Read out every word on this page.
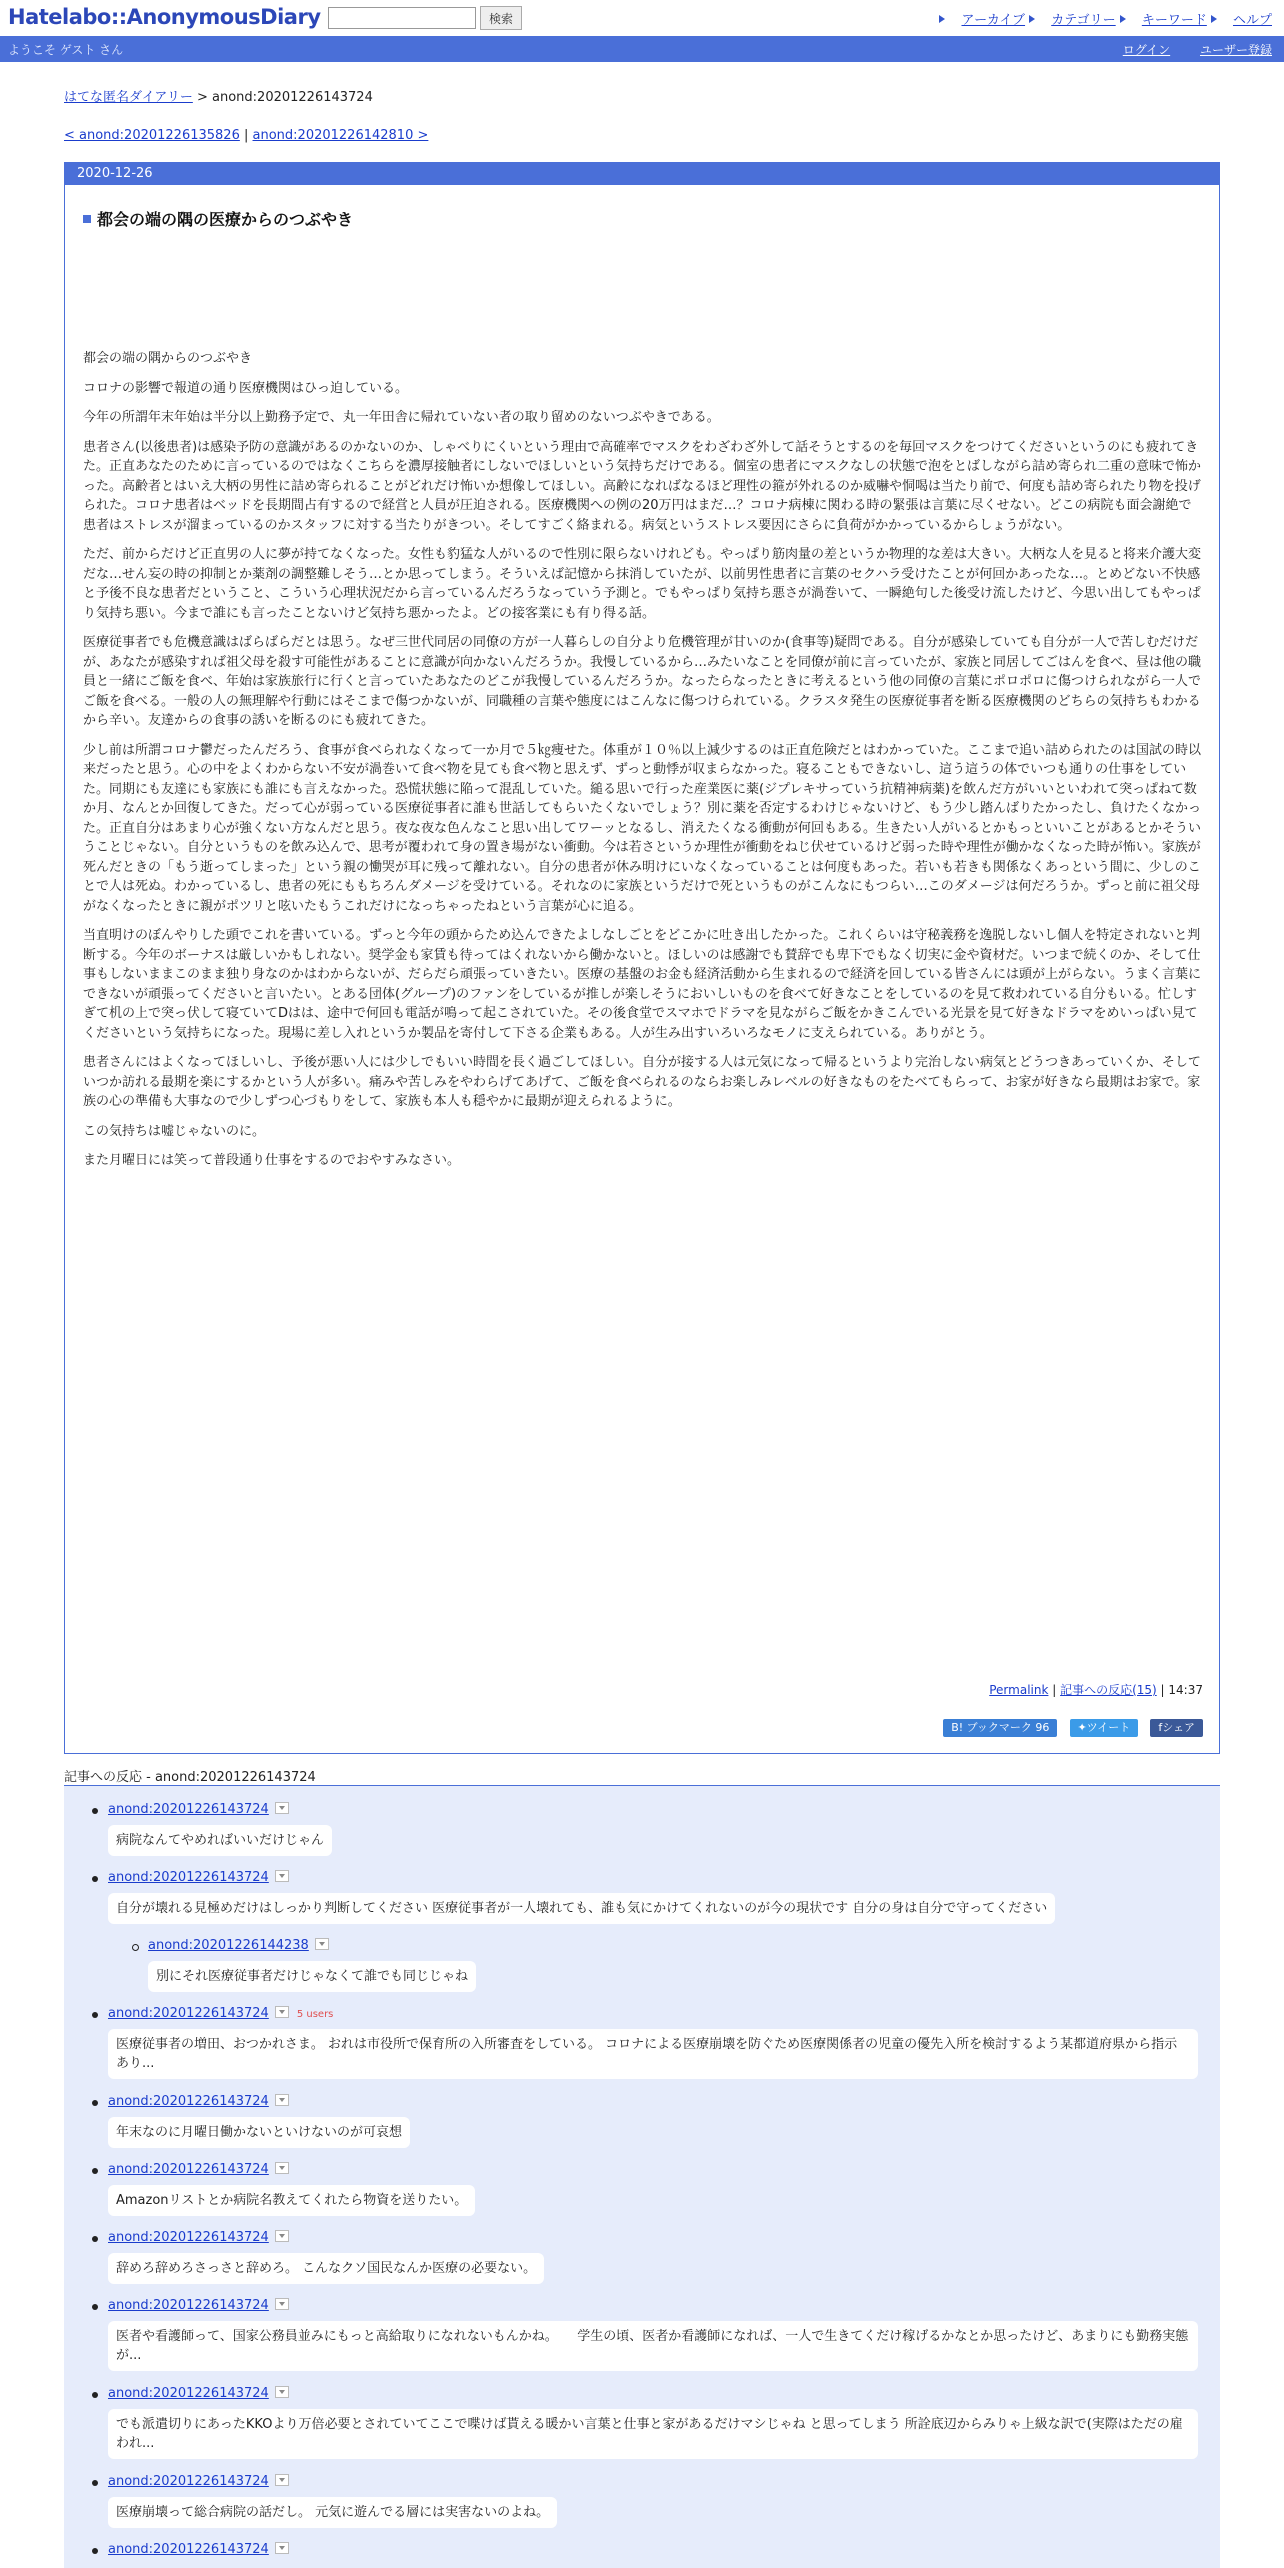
Hatelabo::AnonymousDiary	検索	アーカイブ カテゴリー キーワード ヘルプ
ようこそ ゲスト さん	ログイン ユーザー登録
はてな匿名ダイアリー > anond:20201226143724
< anond:20201226135826 | anond:20201226142810 >
2020-12-26
都会の端の隅の医療からのつぶやき

都会の端の隅からのつぶやき

コロナの影響で報道の通り医療機関はひっ迫している。

今年の所謂年末年始は半分以上勤務予定で、丸一年田舎に帰れていない者の取り留めのないつぶやきである。

患者さん(以後患者)は感染予防の意識があるのかないのか、しゃべりにくいという理由で高確率でマスクをわざわざ外して話そうとするのを毎回マスクをつけてくださいというのにも疲れてきた。正直あなたのために言っているのではなくこちらを濃厚接触者にしないでほしいという気持ちだけである。個室の患者にマスクなしの状態で泡をとばしながら詰め寄られ二重の意味で怖かった。高齢者とはいえ大柄の男性に詰め寄られることがどれだけ怖いか想像してほしい。高齢になればなるほど理性の箍が外れるのか威嚇や恫喝は当たり前で、何度も詰め寄られたり物を投げられた。コロナ患者はベッドを長期間占有するので経営と人員が圧迫される。医療機関への例の20万円はまだ…？コロナ病棟に関わる時の緊張は言葉に尽くせない。どこの病院も面会謝絶で患者はストレスが溜まっているのかスタッフに対する当たりがきつい。そしてすごく絡まれる。病気というストレス要因にさらに負荷がかかっているからしょうがない。

ただ、前からだけど正直男の人に夢が持てなくなった。女性も豹猛な人がいるので性別に限らないけれども。やっぱり筋肉量の差というか物理的な差は大きい。大柄な人を見ると将来介護大変だな…せん妄の時の抑制とか薬剤の調整難しそう…とか思ってしまう。そういえば記憶から抹消していたが、以前男性患者に言葉のセクハラ受けたことが何回かあったな…。とめどない不快感と予後不良な患者だということ、こういう心理状況だから言っているんだろうなっていう予測と。でもやっぱり気持ち悪さが渦巻いて、一瞬絶句した後受け流したけど、今思い出してもやっぱり気持ち悪い。今まで誰にも言ったことないけど気持ち悪かったよ。どの接客業にも有り得る話。

医療従事者でも危機意識はばらばらだとは思う。なぜ三世代同居の同僚の方が一人暮らしの自分より危機管理が甘いのか(食事等)疑問である。自分が感染していても自分が一人で苦しむだけだが、あなたが感染すれば祖父母を殺す可能性があることに意識が向かないんだろうか。我慢しているから…みたいなことを同僚が前に言っていたが、家族と同居してごはんを食べ、昼は他の職員と一緒にご飯を食べ、年始は家族旅行に行くと言っていたあなたのどこが我慢しているんだろうか。なったらなったときに考えるという他の同僚の言葉にポロポロに傷つけられながら一人でご飯を食べる。一般の人の無理解や行動にはそこまで傷つかないが、同職種の言葉や態度にはこんなに傷つけられている。クラスタ発生の医療従事者を断る医療機関のどちらの気持ちもわかるから辛い。友達からの食事の誘いを断るのにも疲れてきた。

少し前は所謂コロナ鬱だったんだろう、食事が食べられなくなって一か月で５㎏痩せた。体重が１０％以上減少するのは正直危険だとはわかっていた。ここまで追い詰められたのは国試の時以来だったと思う。心の中をよくわからない不安が渦巻いて食べ物を見ても食べ物と思えず、ずっと動悸が収まらなかった。寝ることもできないし、這う這うの体でいつも通りの仕事をしていた。同期にも友達にも家族にも誰にも言えなかった。恐慌状態に陥って混乱していた。縋る思いで行った産業医に薬(ジプレキサっていう抗精神病薬)を飲んだ方がいいといわれて突っぱねて数か月、なんとか回復してきた。だって心が弱っている医療従事者に誰も世話してもらいたくないでしょう？別に薬を否定するわけじゃないけど、もう少し踏んばりたかったし、負けたくなかった。正直自分はあまり心が強くない方なんだと思う。夜な夜な色んなこと思い出してワーッとなるし、消えたくなる衝動が何回もある。生きたい人がいるとかもっといいことがあるとかそういうことじゃない。自分というものを飲み込んで、思考が覆われて身の置き場がない衝動。今は若さというか理性が衝動をねじ伏せているけど弱った時や理性が働かなくなった時が怖い。家族が死んだときの「もう逝ってしまった」という親の慟哭が耳に残って離れない。自分の患者が休み明けにいなくなっていることは何度もあった。若いも若きも関係なくあっという間に、少しのことで人は死ぬ。わかっているし、患者の死にももちろんダメージを受けている。それなのに家族というだけで死というものがこんなにもつらい…このダメージは何だろうか。ずっと前に祖父母がなくなったときに親がポツリと呟いたもうこれだけになっちゃったねという言葉が心に追る。

当直明けのぼんやりした頭でこれを書いている。ずっと今年の頭からため込んできたよしなしごとをどこかに吐き出したかった。これくらいは守秘義務を逸脱しないし個人を特定されないと判断する。今年のボーナスは厳しいかもしれない。奨学金も家賃も待ってはくれないから働かないと。ほしいのは感謝でも賛辞でも卑下でもなく切実に金や資材だ。いつまで続くのか、そして仕事もしないままこのまま独り身なのかはわからないが、だらだら頑張っていきたい。医療の基盤のお金も経済活動から生まれるので経済を回している皆さんには頭が上がらない。うまく言葉にできないが頑張ってくださいと言いたい。とある団体(グループ)のファンをしているが推しが楽しそうにおいしいものを食べて好きなことをしているのを見て救われている自分もいる。忙しすぎて机の上で突っ伏して寝ていてDはは、途中で何回も電話が鳴って起こされていた。その後食堂でスマホでドラマを見ながらご飯をかきこんでいる光景を見て好きなドラマをめいっぱい見てくださいという気持ちになった。現場に差し入れというか製品を寄付して下さる企業もある。人が生み出すいろいろなモノに支えられている。ありがとう。

患者さんにはよくなってほしいし、予後が悪い人には少しでもいい時間を長く過ごしてほしい。自分が接する人は元気になって帰るというより完治しない病気とどうつきあっていくか、そしていつか訪れる最期を楽にするかという人が多い。痛みや苦しみをやわらげてあげて、ご飯を食べられるのならお楽しみレベルの好きなものをたべてもらって、お家が好きなら最期はお家で。家族の心の準備も大事なので少しずつ心づもりをして、家族も本人も穏やかに最期が迎えられるように。

この気持ちは嘘じゃないのに。

また月曜日には笑って普段通り仕事をするのでおやすみなさい。

Permalink | 記事への反応(15) | 14:37
B! ブックマーク 96	✦ツイート	fシェア
記事への反応 - anond:20201226143724
anond:20201226143724
病院なんてやめればいいだけじゃん
anond:20201226143724
自分が壊れる見極めだけはしっかり判断してください 医療従事者が一人壊れても、誰も気にかけてくれないのが今の現状です 自分の身は自分で守ってください
anond:20201226144238
別にそれ医療従事者だけじゃなくて誰でも同じじゃね
anond:20201226143724	5 users
医療従事者の増田、おつかれさま。 おれは市役所で保育所の入所審査をしている。 コロナによる医療崩壊を防ぐため医療関係者の児童の優先入所を検討するよう某都道府県から指示あり...
anond:20201226143724
年末なのに月曜日働かないといけないのが可哀想
anond:20201226143724
Amazonリストとか病院名教えてくれたら物資を送りたい。
anond:20201226143724
辞めろ辞めろさっさと辞めろ。 こんなクソ国民なんか医療の必要ない。
anond:20201226143724
医者や看護師って、国家公務員並みにもっと高給取りになれないもんかね。　　学生の頃、医者か看護師になれば、一人で生きてくだけ稼げるかなとか思ったけど、あまりにも勤務実態が...
anond:20201226143724
でも派遣切りにあったKKOより万倍必要とされていてここで喋けば貰える暖かい言葉と仕事と家があるだけマシじゃね と思ってしまう 所詮底辺からみりゃ上級な訳で(実際はただの雇われ...
anond:20201226143724
医療崩壊って総合病院の話だし。 元気に遊んでる層には実害ないのよね。
anond:20201226143724
